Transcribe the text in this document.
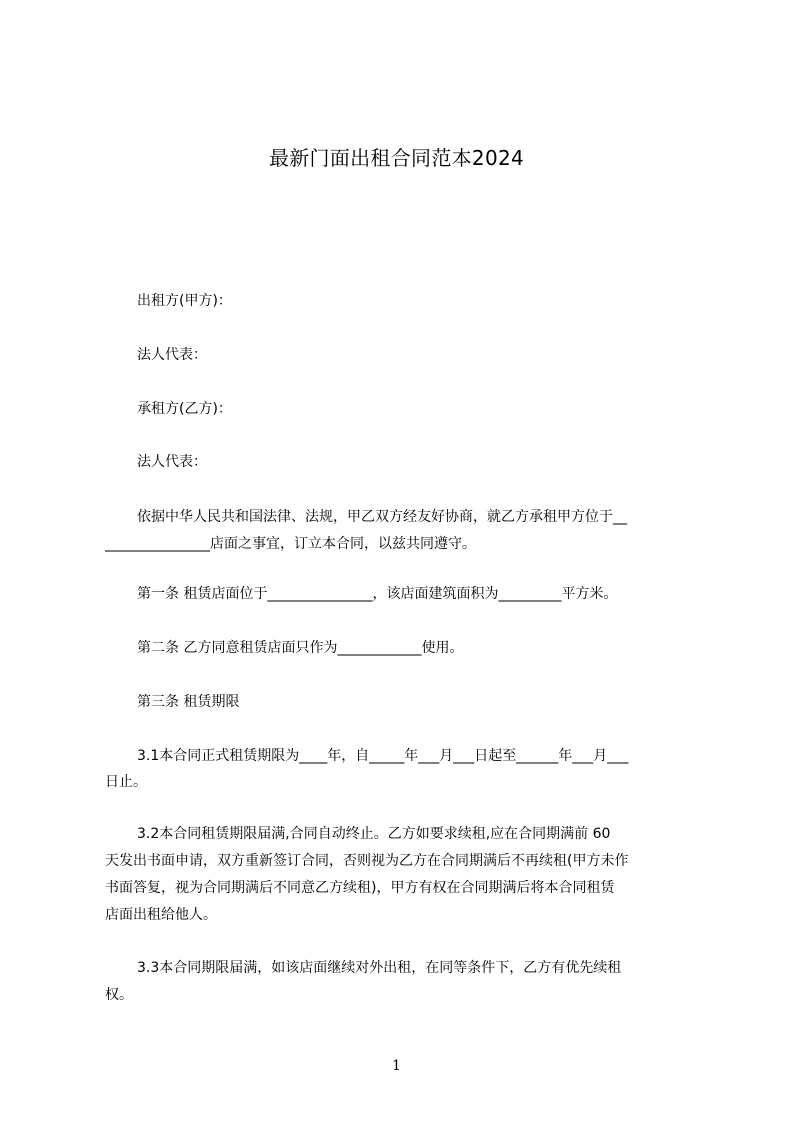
最新门面出租合同范本2024
出租方(甲方)：
法人代表：
承租方(乙方)：
法人代表：
依据中华人民共和国法律、法规，甲乙双方经友好协商，就乙方承租甲方位于__
_______________店面之事宜，订立本合同，以兹共同遵守。
第一条 租赁店面位于_______________，该店面建筑面积为_________平方米。
第二条 乙方同意租赁店面只作为____________使用。
第三条 租赁期限
3.1本合同正式租赁期限为____年，自_____年___月___日起至______年___月___
日止。
3.2本合同租赁期限届满,合同自动终止。乙方如要求续租,应在合同期满前 60
天发出书面申请，双方重新签订合同，否则视为乙方在合同期满后不再续租(甲方未作
书面答复，视为合同期满后不同意乙方续租)，甲方有权在合同期满后将本合同租赁
店面出租给他人。
3.3本合同期限届满，如该店面继续对外出租，在同等条件下，乙方有优先续租
权。
1
